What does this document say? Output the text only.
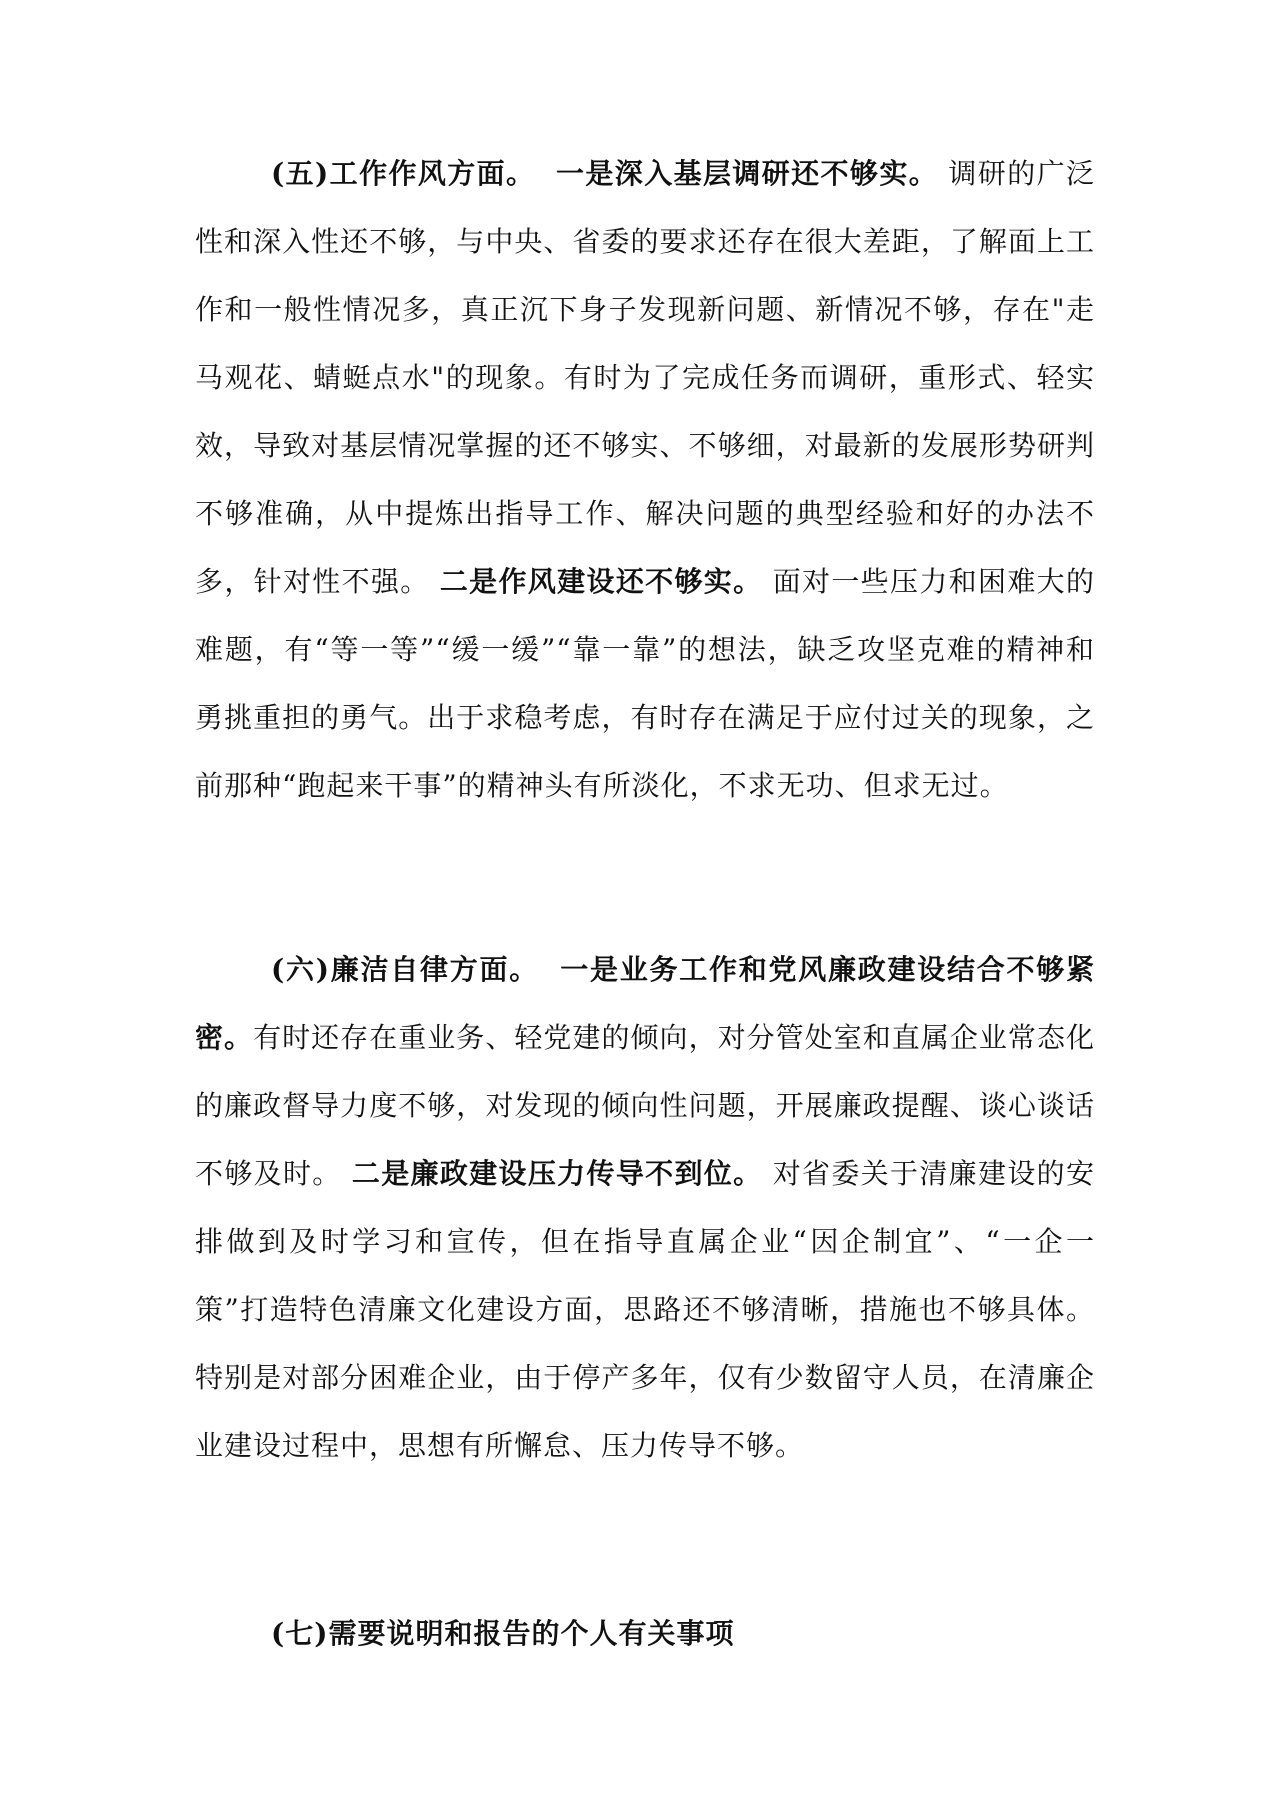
(五)工作作风方面。 一是深入基层调研还不够实。 调研的广泛性和深入性还不够，与中央、省委的要求还存在很大差距，了解面上工作和一般性情况多，真正沉下身子发现新问题、新情况不够，存在"走马观花、蜻蜓点水"的现象。有时为了完成任务而调研，重形式、轻实效，导致对基层情况掌握的还不够实、不够细，对最新的发展形势研判不够准确，从中提炼出指导工作、解决问题的典型经验和好的办法不多，针对性不强。 二是作风建设还不够实。 面对一些压力和困难大的难题，有“等一等”“缓一缓”“靠一靠”的想法，缺乏攻坚克难的精神和勇挑重担的勇气。出于求稳考虑，有时存在满足于应付过关的现象，之前那种“跑起来干事”的精神头有所淡化，不求无功、但求无过。

(六)廉洁自律方面。 一是业务工作和党风廉政建设结合不够紧密。有时还存在重业务、轻党建的倾向，对分管处室和直属企业常态化的廉政督导力度不够，对发现的倾向性问题，开展廉政提醒、谈心谈话不够及时。 二是廉政建设压力传导不到位。 对省委关于清廉建设的安排做到及时学习和宣传，但在指导直属企业“因企制宜”、“一企一策”打造特色清廉文化建设方面，思路还不够清晰，措施也不够具体。特别是对部分困难企业，由于停产多年，仅有少数留守人员，在清廉企业建设过程中，思想有所懈怠、压力传导不够。

(七)需要说明和报告的个人有关事项
